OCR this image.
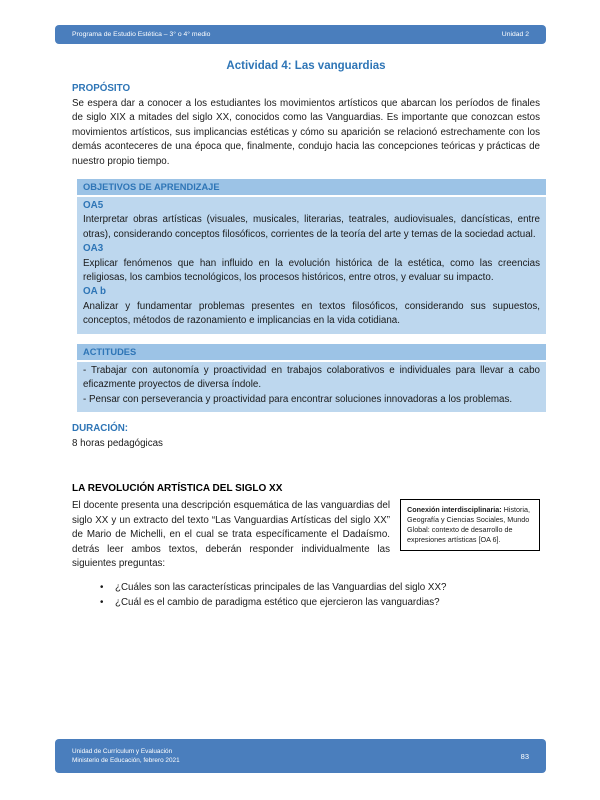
Programa de Estudio Estética – 3° o 4° medio	Unidad 2
Actividad 4: Las vanguardias
PROPÓSITO

Se espera dar a conocer a los estudiantes los movimientos artísticos que abarcan los períodos de finales de siglo XIX a mitades del siglo XX, conocidos como las Vanguardias. Es importante que conozcan estos movimientos artísticos, sus implicancias estéticas y cómo su aparición se relacionó estrechamente con los demás aconteceres de una época que, finalmente, condujo hacia las concepciones teóricas y prácticas de nuestro propio tiempo.

OBJETIVOS DE APRENDIZAJE
OA5

Interpretar obras artísticas (visuales, musicales, literarias, teatrales, audiovisuales, dancísticas, entre otras), considerando conceptos filosóficos, corrientes de la teoría del arte y temas de la sociedad actual.

OA3

Explicar fenómenos que han influido en la evolución histórica de la estética, como las creencias religiosas, los cambios tecnológicos, los procesos históricos, entre otros, y evaluar su impacto.

OA b

Analizar y fundamentar problemas presentes en textos filosóficos, considerando sus supuestos, conceptos, métodos de razonamiento e implicancias en la vida cotidiana.

ACTITUDES

- Trabajar con autonomía y proactividad en trabajos colaborativos e individuales para llevar a cabo eficazmente proyectos de diversa índole.

- Pensar con perseverancia y proactividad para encontrar soluciones innovadoras a los problemas.

DURACIÓN:

8 horas pedagógicas

LA REVOLUCIÓN ARTÍSTICA DEL SIGLO XX

El docente presenta una descripción esquemática de las vanguardias del siglo XX y un extracto del texto “Las Vanguardias Artísticas del siglo XX” de Mario de Michelli, en el cual se trata específicamente el Dadaísmo. detrás leer ambos textos, deberán responder individualmente las siguientes preguntas:

Conexión interdisciplinaria: Historia, Geografía y Ciencias Sociales, Mundo Global: contexto de desarrollo de expresiones artísticas [OA 6].
•	¿Cuáles son las características principales de las Vanguardias del siglo XX?
•	¿Cuál es el cambio de paradigma estético que ejercieron las vanguardias?
Unidad de Currículum y Evaluación
Ministerio de Educación, febrero 2021	83
